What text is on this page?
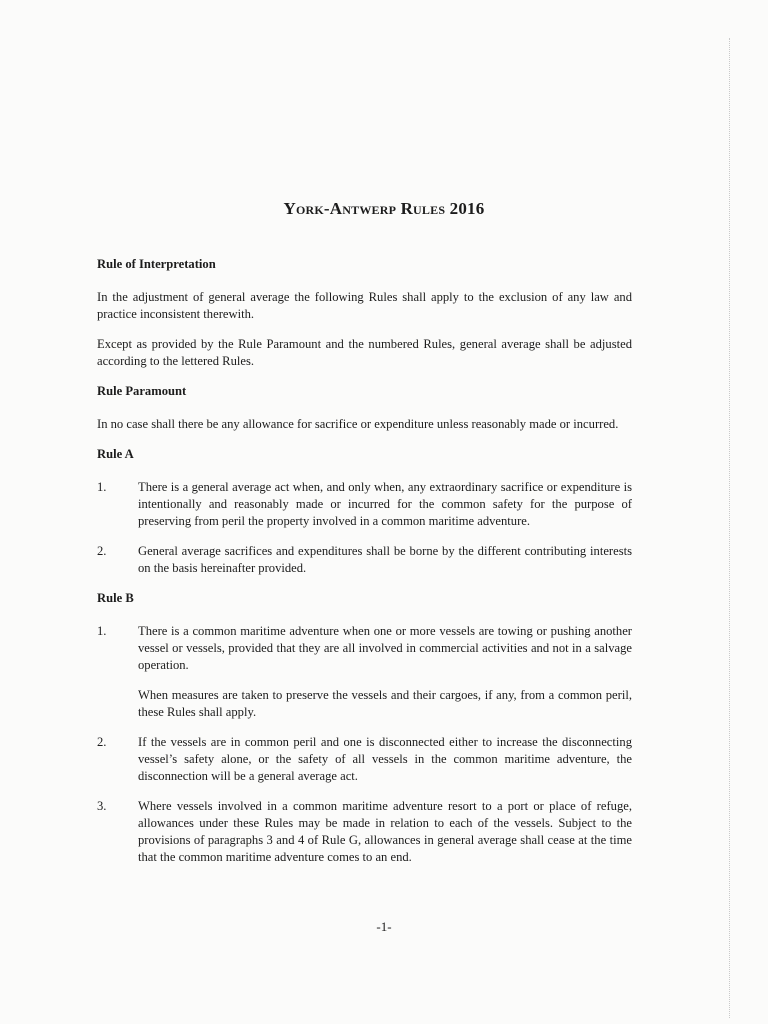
York-Antwerp Rules 2016
Rule of Interpretation
In the adjustment of general average the following Rules shall apply to the exclusion of any law and practice inconsistent therewith.
Except as provided by the Rule Paramount and the numbered Rules, general average shall be adjusted according to the lettered Rules.
Rule Paramount
In no case shall there be any allowance for sacrifice or expenditure unless reasonably made or incurred.
Rule A
1.	There is a general average act when, and only when, any extraordinary sacrifice or expenditure is intentionally and reasonably made or incurred for the common safety for the purpose of preserving from peril the property involved in a common maritime adventure.
2.	General average sacrifices and expenditures shall be borne by the different contributing interests on the basis hereinafter provided.
Rule B
1.	There is a common maritime adventure when one or more vessels are towing or pushing another vessel or vessels, provided that they are all involved in commercial activities and not in a salvage operation.
When measures are taken to preserve the vessels and their cargoes, if any, from a common peril, these Rules shall apply.
2.	If the vessels are in common peril and one is disconnected either to increase the disconnecting vessel’s safety alone, or the safety of all vessels in the common maritime adventure, the disconnection will be a general average act.
3.	Where vessels involved in a common maritime adventure resort to a port or place of refuge, allowances under these Rules may be made in relation to each of the vessels. Subject to the provisions of paragraphs 3 and 4 of Rule G, allowances in general average shall cease at the time that the common maritime adventure comes to an end.
-1-
